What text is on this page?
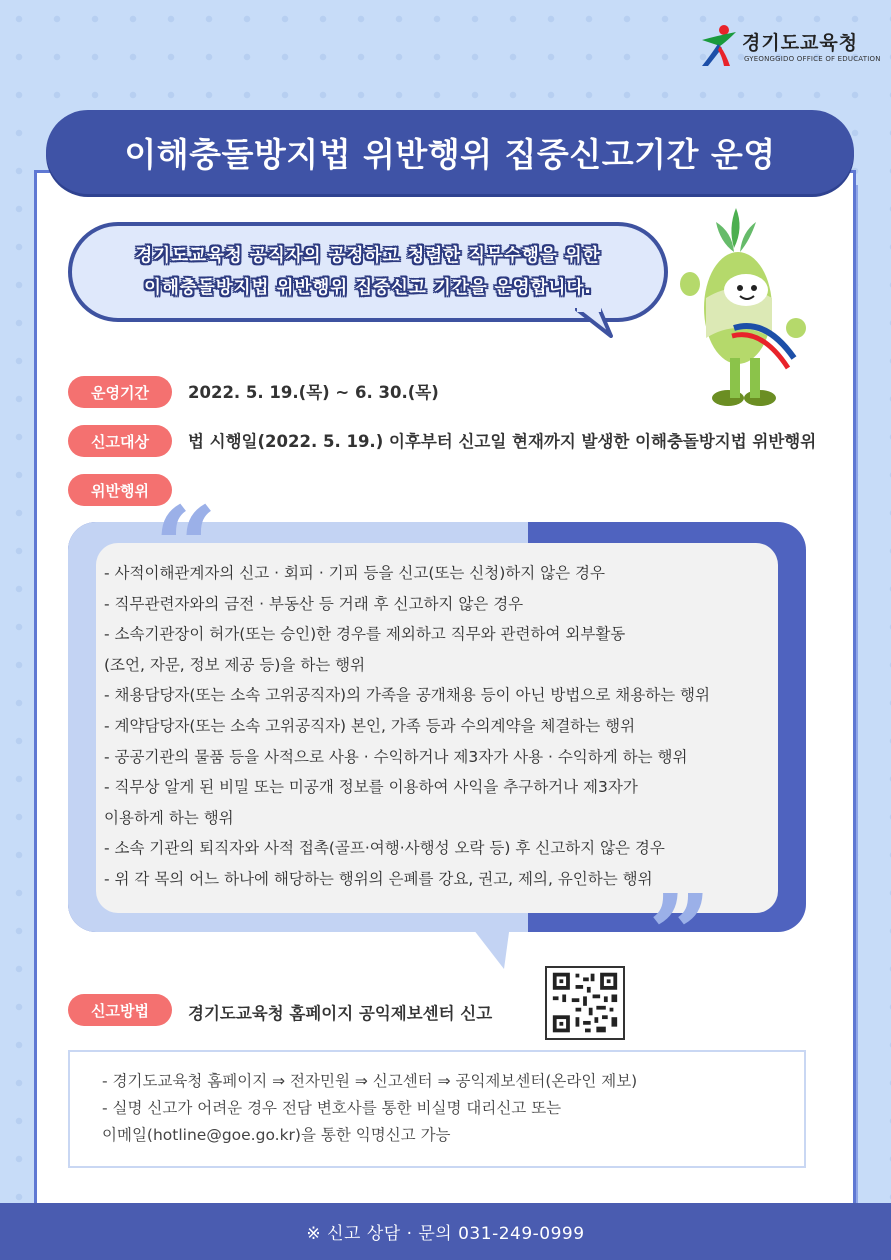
경기도교육청
GYEONGGIDO OFFICE OF EDUCATION
이해충돌방지법 위반행위 집중신고기간 운영
경기도교육청 공직자의 공정하고 청렴한 직무수행을 위한
이해충돌방지법 위반행위 집중신고 기간을 운영합니다.
운영기간	2022. 5. 19.(목) ~ 6. 30.(목)
신고대상	법 시행일(2022. 5. 19.) 이후부터 신고일 현재까지 발생한 이해충돌방지법 위반행위
위반행위 “
”
- 사적이해관계자의 신고 · 회피 · 기피 등을 신고(또는 신청)하지 않은 경우
- 직무관련자와의 금전 · 부동산 등 거래 후 신고하지 않은 경우
- 소속기관장이 허가(또는 승인)한 경우를 제외하고 직무와 관련하여 외부활동
(조언, 자문, 정보 제공 등)을 하는 행위
- 채용담당자(또는 소속 고위공직자)의 가족을 공개채용 등이 아닌 방법으로 채용하는 행위
- 계약담당자(또는 소속 고위공직자) 본인, 가족 등과 수의계약을 체결하는 행위
- 공공기관의 물품 등을 사적으로 사용 · 수익하거나 제3자가 사용 · 수익하게 하는 행위
- 직무상 알게 된 비밀 또는 미공개 정보를 이용하여 사익을 추구하거나 제3자가
이용하게 하는 행위
- 소속 기관의 퇴직자와 사적 접촉(골프·여행·사행성 오락 등) 후 신고하지 않은 경우
- 위 각 목의 어느 하나에 해당하는 행위의 은폐를 강요, 권고, 제의, 유인하는 행위
신고방법	경기도교육청 홈페이지 공익제보센터 신고
- 경기도교육청 홈페이지 ⇒ 전자민원 ⇒ 신고센터 ⇒ 공익제보센터(온라인 제보)
- 실명 신고가 어려운 경우 전담 변호사를 통한 비실명 대리신고 또는
이메일(hotline@goe.go.kr)을 통한 익명신고 가능
※ 신고 상담 · 문의 031-249-0999
